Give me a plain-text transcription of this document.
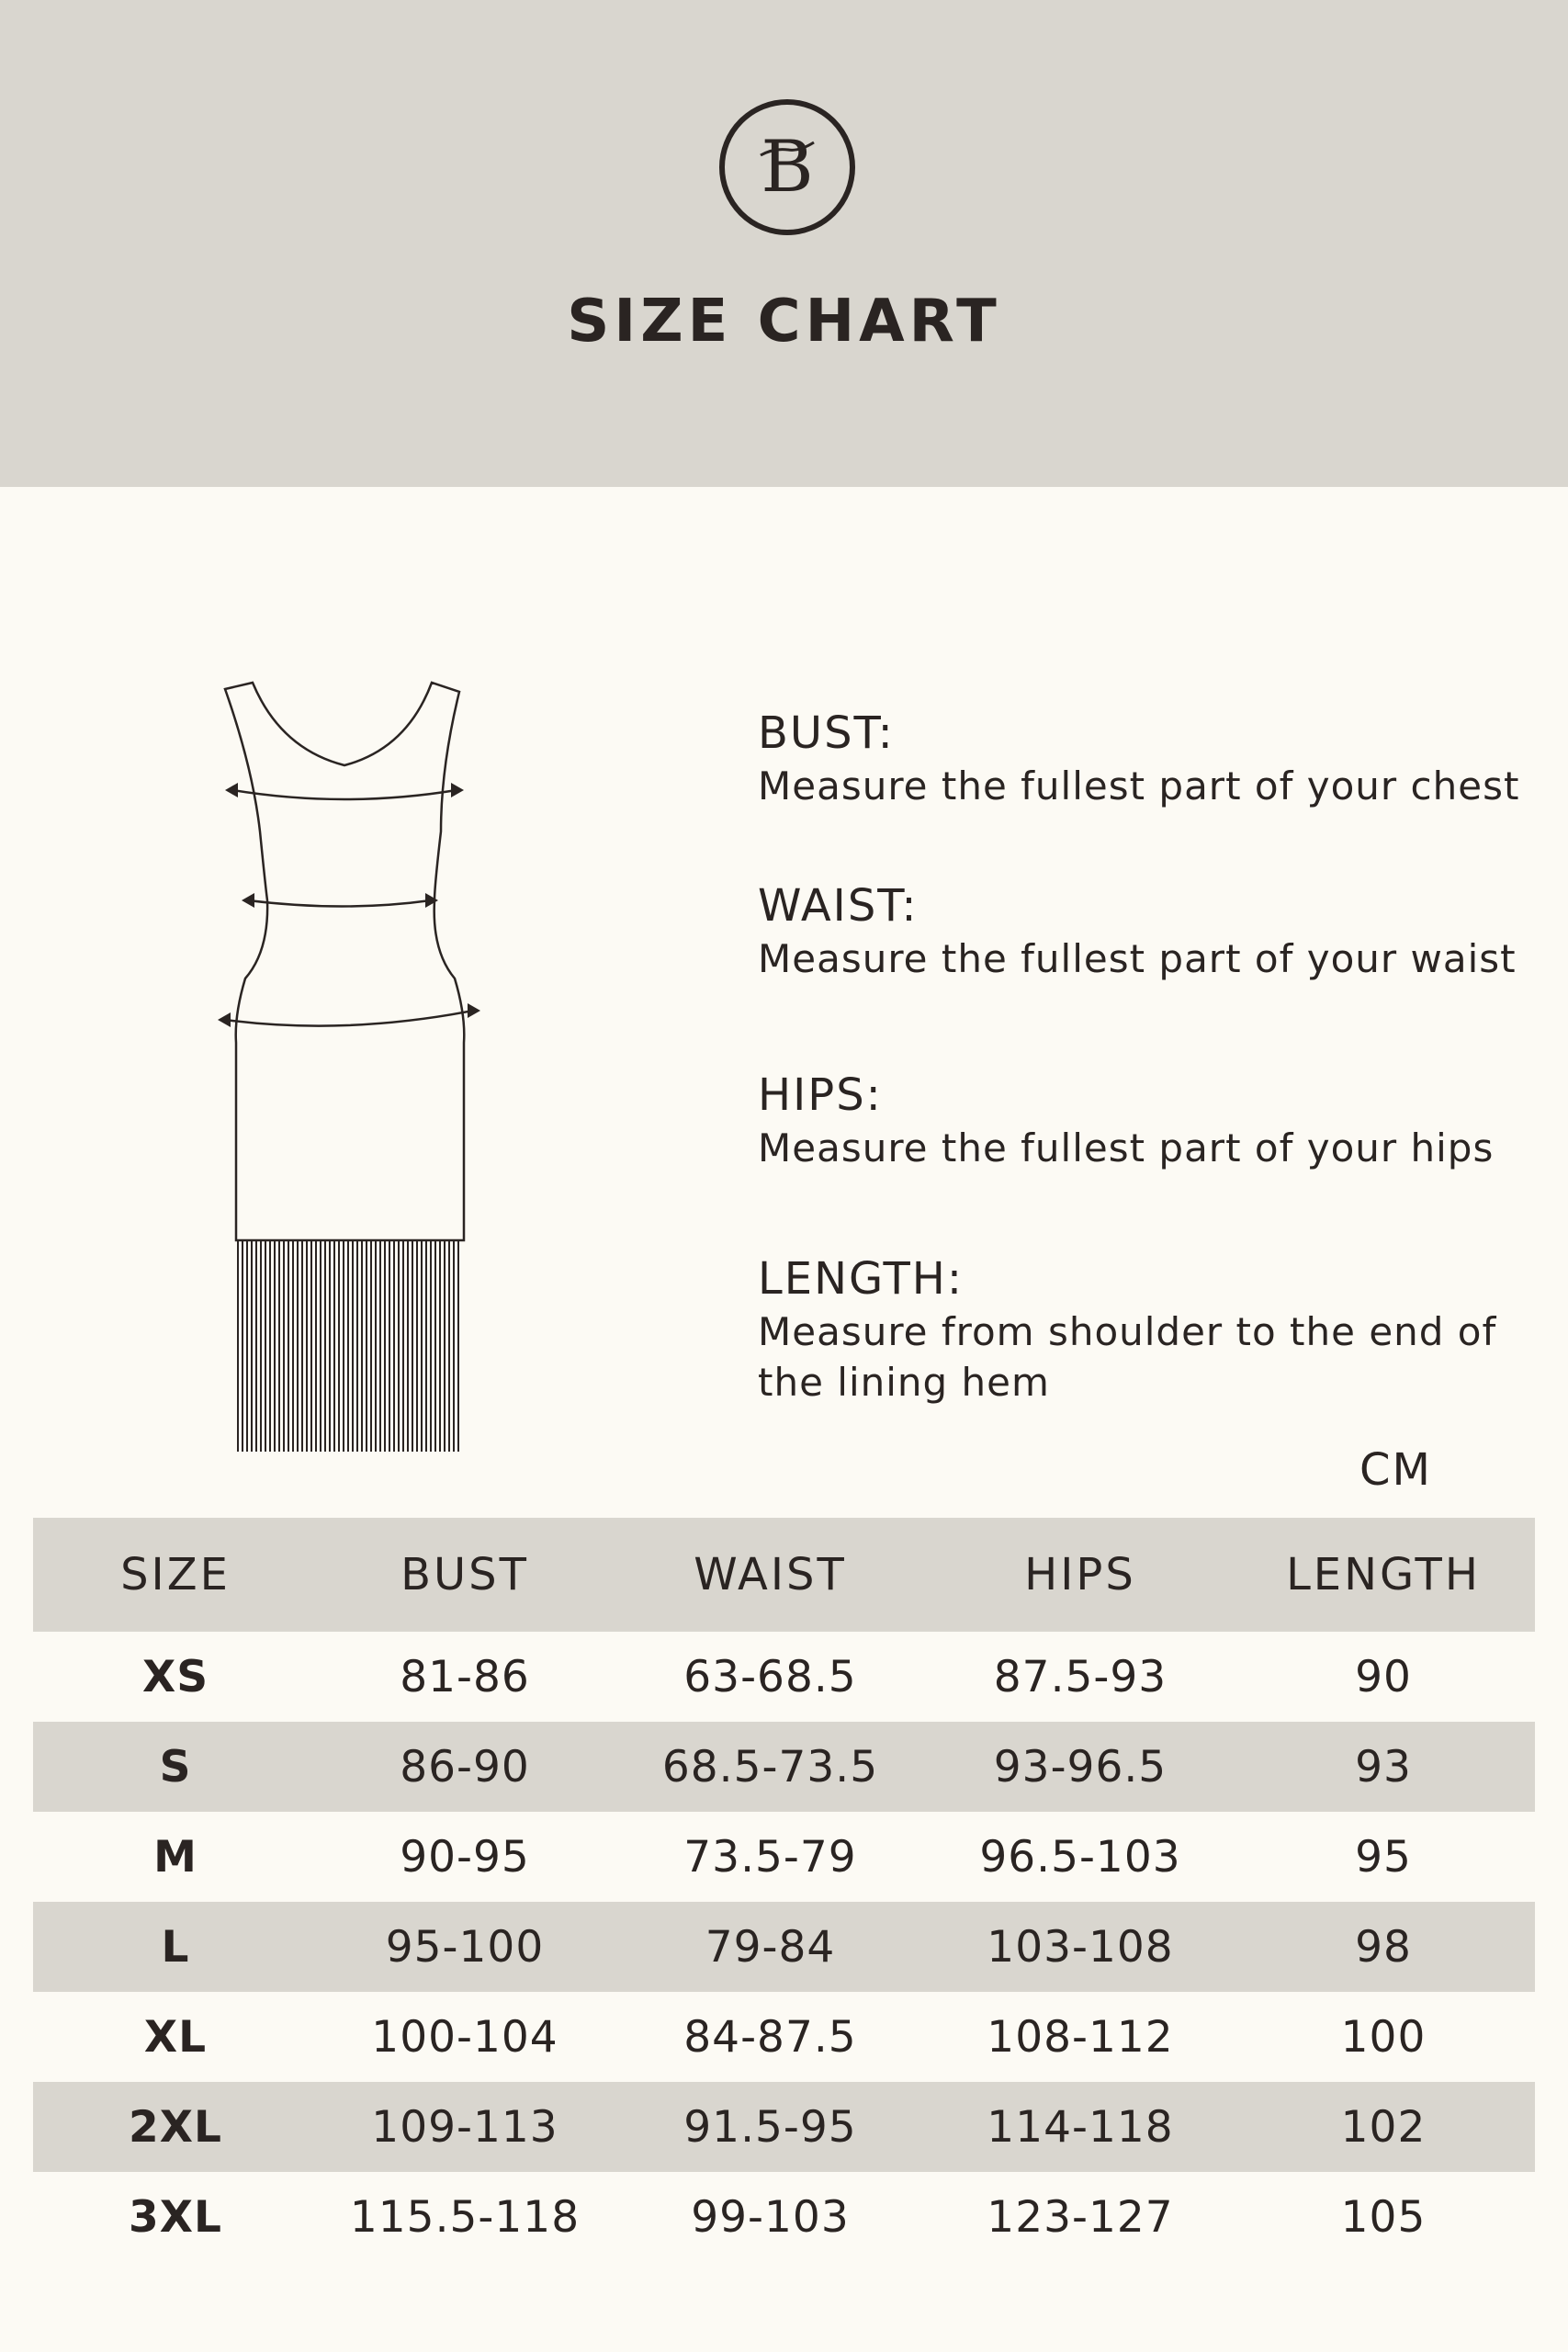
B
SIZE CHART
BUST:
Measure the fullest part of your chest
WAIST:
Measure the fullest part of your waist
HIPS:
Measure the fullest part of your hips
LENGTH:
Measure from shoulder to the end of the lining hem
CM
SIZE	BUST	WAIST	HIPS	LENGTH
XS	81-86	63-68.5	87.5-93	90
S	86-90	68.5-73.5	93-96.5	93
M	90-95	73.5-79	96.5-103	95
L	95-100	79-84	103-108	98
XL	100-104	84-87.5	108-112	100
2XL	109-113	91.5-95	114-118	102
3XL	115.5-118	99-103	123-127	105
